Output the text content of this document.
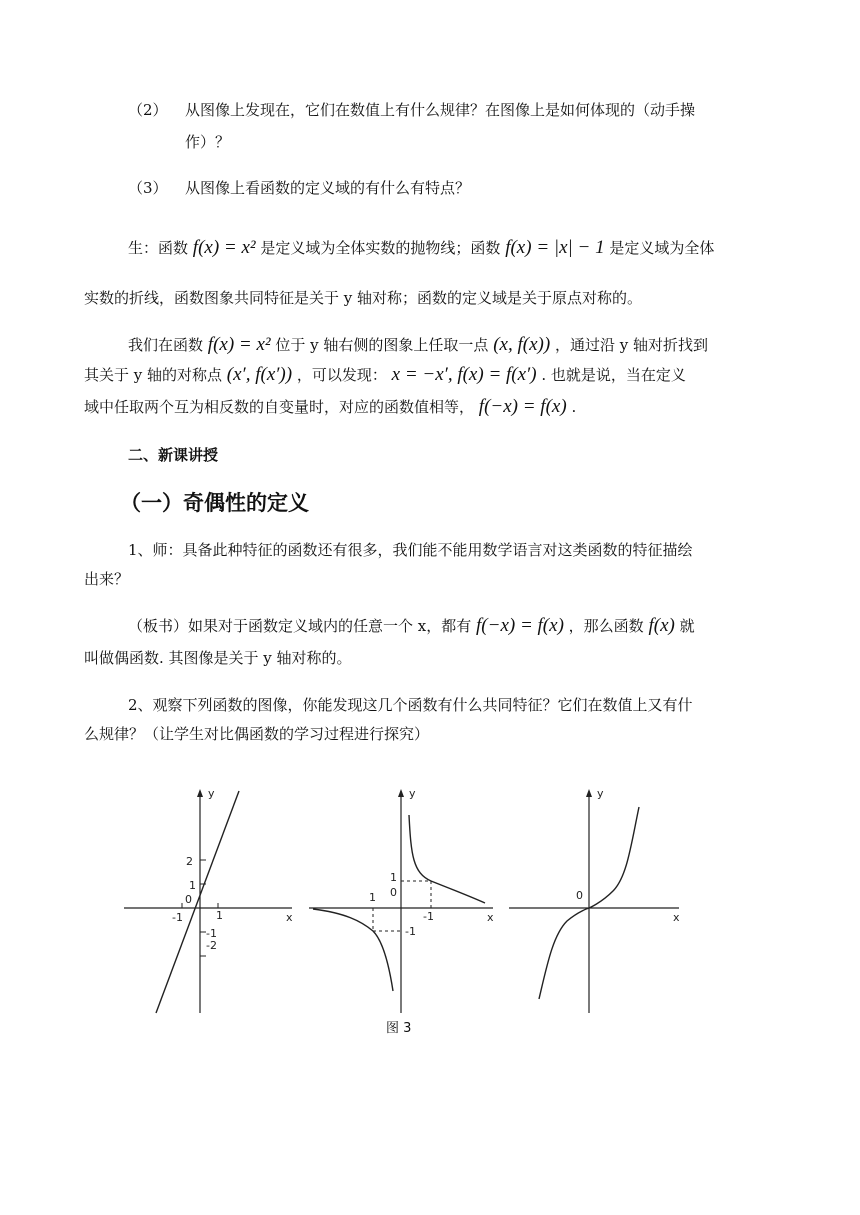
（2） 从图像上发现在，它们在数值上有什么规律？在图像上是如何体现的（动手操
作）？
（3） 从图像上看函数的定义域的有什么有特点？
生：函数 f(x) = x² 是定义域为全体实数的抛物线；函数 f(x) = |x| − 1 是定义域为全体
实数的折线，函数图象共同特征是关于 y 轴对称；函数的定义域是关于原点对称的。
我们在函数 f(x) = x² 位于 y 轴右侧的图象上任取一点 (x, f(x)) ，通过沿 y 轴对折找到
其关于 y 轴的对称点 (x′, f(x′)) ，可以发现： x = −x′, f(x) = f(x′) . 也就是说，当在定义
域中任取两个互为相反数的自变量时，对应的函数值相等， f(−x) = f(x) .
二、新课讲授
（一）奇偶性的定义
1、师：具备此种特征的函数还有很多，我们能不能用数学语言对这类函数的特征描绘
出来？
（板书）如果对于函数定义域内的任意一个 x，都有 f(−x) = f(x) ，那么函数 f(x) 就
叫做偶函数. 其图像是关于 y 轴对称的。
2、观察下列函数的图像，你能发现这几个函数有什么共同特征？它们在数值上又有什
么规律？（让学生对比偶函数的学习过程进行探究）
y
x
2
1
0
-1	1
-1
-2
y
x
1
0
1
-1
-1
y
x
0
图 3
